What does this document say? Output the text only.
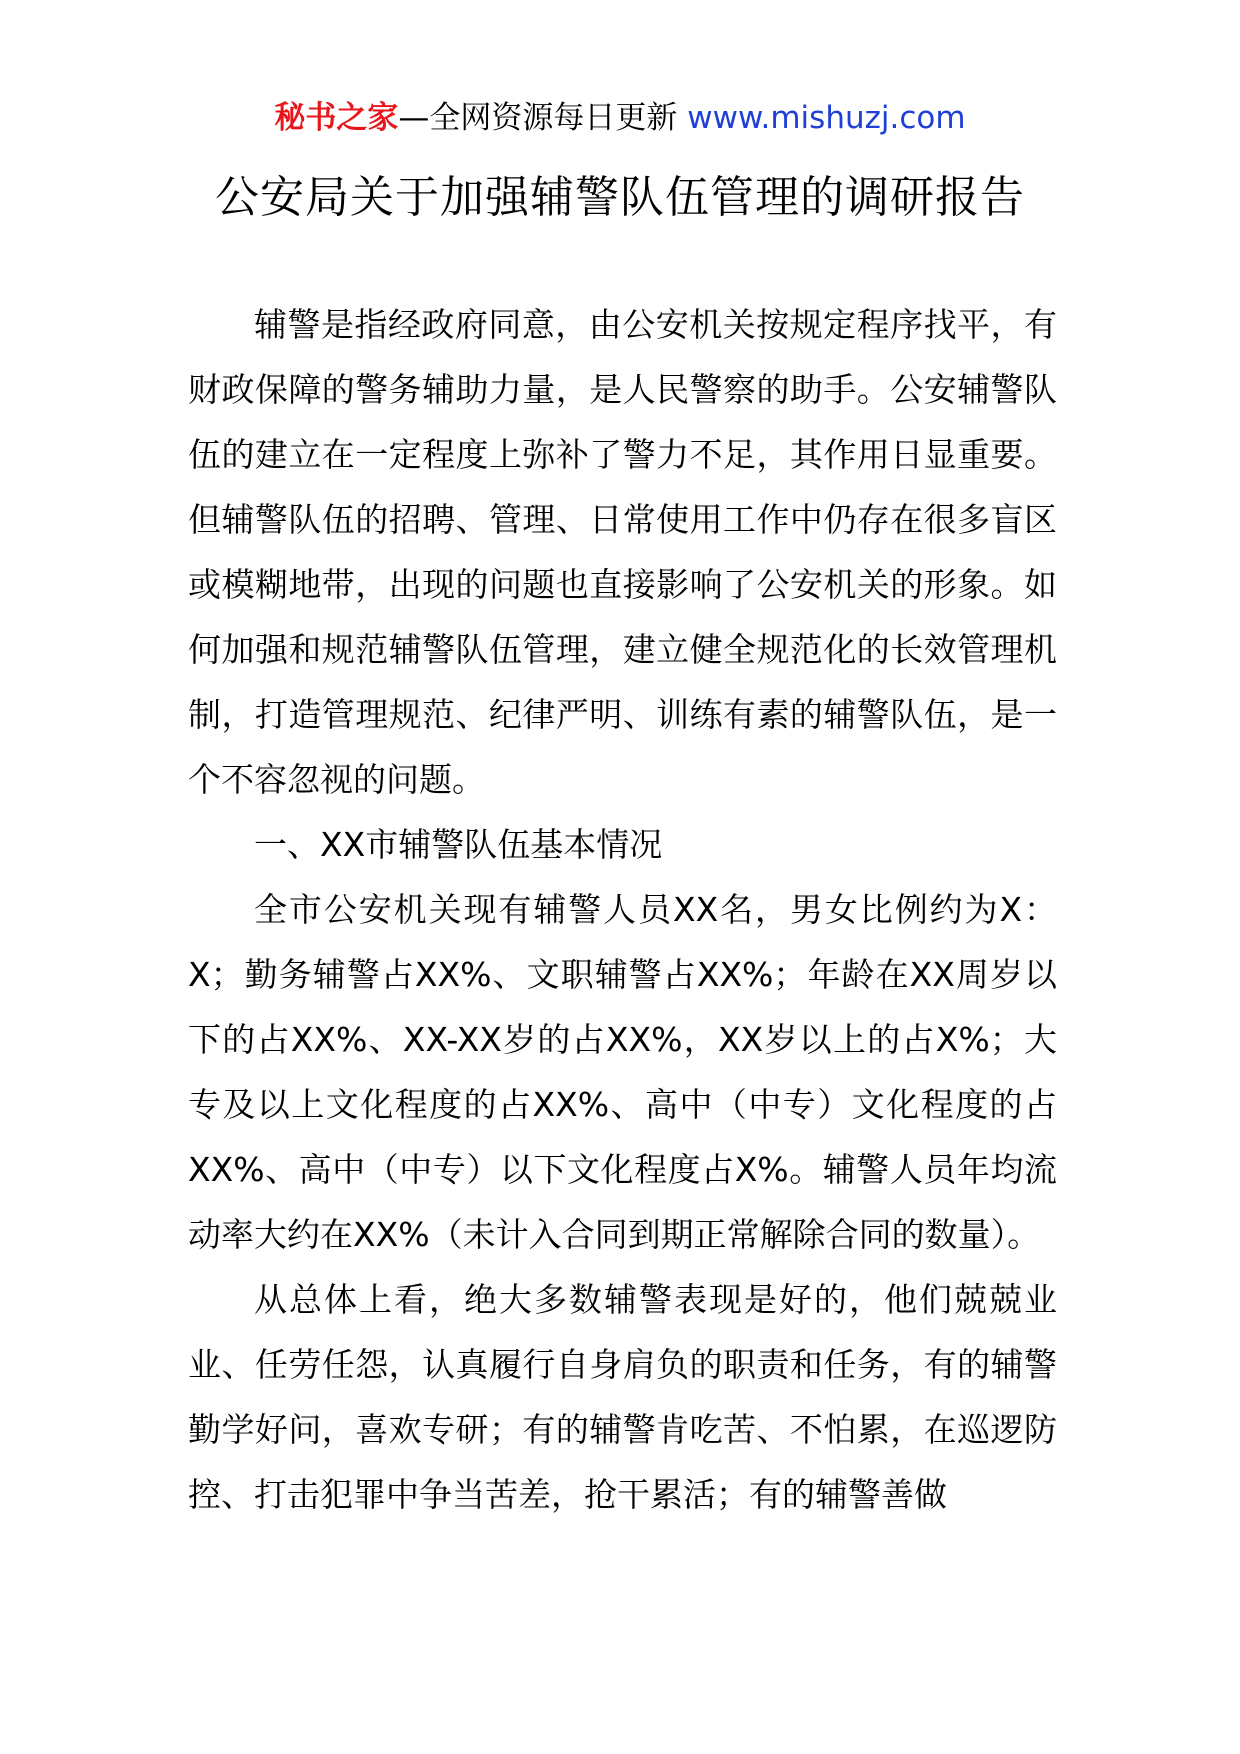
秘书之家—全网资源每日更新 www.mishuzj.com
公安局关于加强辅警队伍管理的调研报告

辅警是指经政府同意，由公安机关按规定程序找平，有财政保障的警务辅助力量，是人民警察的助手。公安辅警队伍的建立在一定程度上弥补了警力不足，其作用日显重要。但辅警队伍的招聘、管理、日常使用工作中仍存在很多盲区或模糊地带，出现的问题也直接影响了公安机关的形象。如何加强和规范辅警队伍管理，建立健全规范化的长效管理机制，打造管理规范、纪律严明、训练有素的辅警队伍，是一个不容忽视的问题。

一、XX市辅警队伍基本情况

全市公安机关现有辅警人员XX名，男女比例约为X：X；勤务辅警占XX%、文职辅警占XX%；年龄在XX周岁以下的占XX%、XX-XX岁的占XX%，XX岁以上的占X%；大专及以上文化程度的占XX%、高中（中专）文化程度的占XX%、高中（中专）以下文化程度占X%。辅警人员年均流动率大约在XX%（未计入合同到期正常解除合同的数量）。

从总体上看，绝大多数辅警表现是好的，他们兢兢业业、任劳任怨，认真履行自身肩负的职责和任务，有的辅警勤学好问，喜欢专研；有的辅警肯吃苦、不怕累，在巡逻防控、打击犯罪中争当苦差，抢干累活；有的辅警善做
